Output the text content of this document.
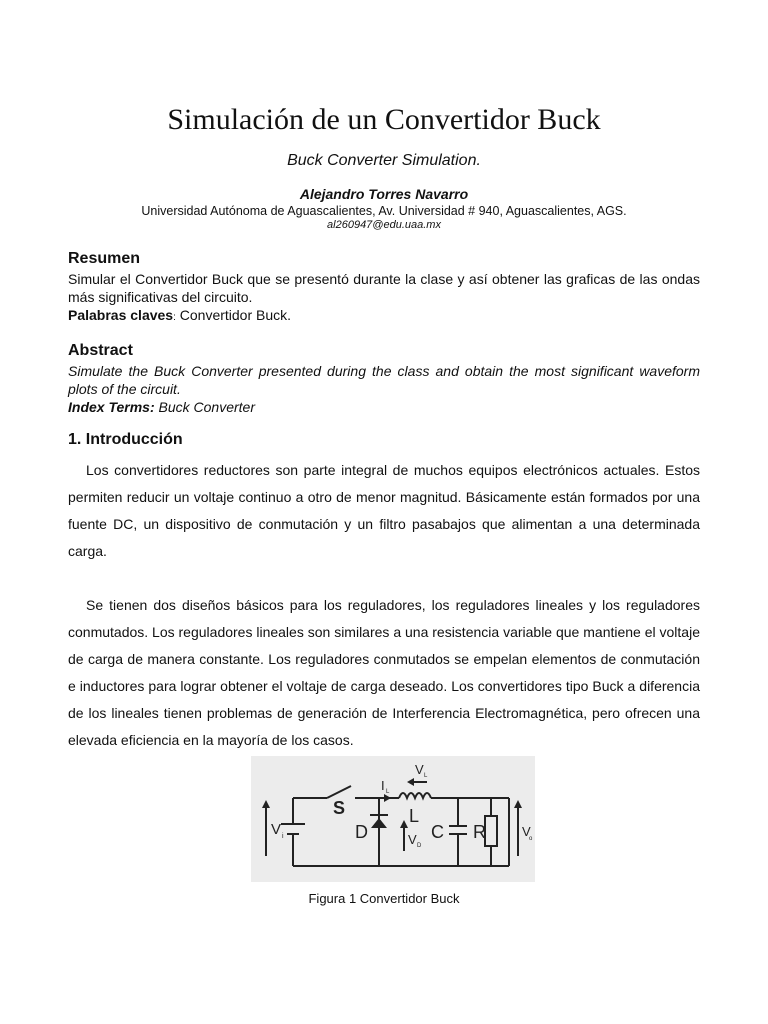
Simulación de un Convertidor Buck
Buck Converter Simulation.
Alejandro Torres Navarro
Universidad Autónoma de Aguascalientes, Av. Universidad # 940, Aguascalientes, AGS.
al260947@edu.uaa.mx
Resumen
Simular el Convertidor Buck que se presentó durante la clase y así obtener las graficas de las ondas más significativas del circuito.
Palabras claves: Convertidor Buck.
Abstract
Simulate the Buck Converter presented during the class and obtain the most significant waveform plots of the circuit.
Index Terms: Buck Converter
1. Introducción
Los convertidores reductores son parte integral de muchos equipos electrónicos actuales. Estos permiten reducir un voltaje continuo a otro de menor magnitud. Básicamente están formados por una fuente DC, un dispositivo de conmutación y un filtro pasabajos que alimentan a una determinada carga.
Se tienen dos diseños básicos para los reguladores, los reguladores lineales y los reguladores conmutados. Los reguladores lineales son similares a una resistencia variable que mantiene el voltaje de carga de manera constante. Los reguladores conmutados se empelan elementos de conmutación e inductores para lograr obtener el voltaje de carga deseado. Los convertidores tipo Buck a diferencia de los lineales tienen problemas de generación de Interferencia Electromagnética, pero ofrecen una elevada eficiencia en la mayoría de los casos.
V i
S
I L
V L
L
D	V D
C R	V
o
Figura 1 Convertidor Buck
